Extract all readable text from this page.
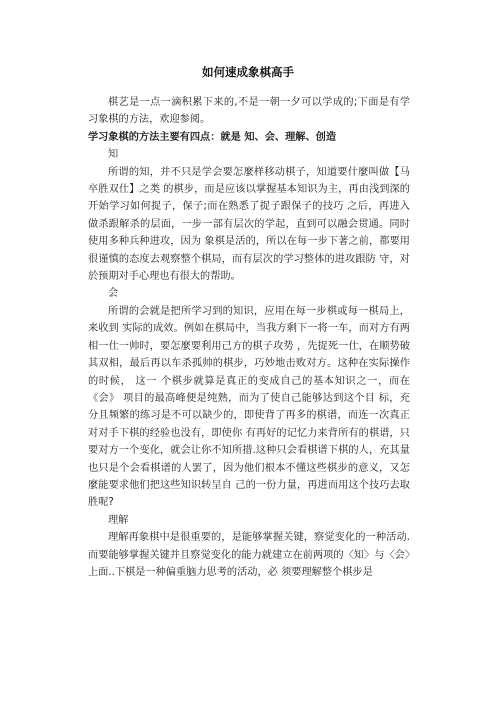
如何速成象棋高手

棋艺是一点一滴积累下来的,不是一朝一夕可以学成的;下面是有学习象棋的方法，欢迎参阅。

学习象棋的方法主要有四点：就是 知、会、理解、创造

知

所谓的知，并不只是学会要怎麼样移动棋子，知道要什麼叫做【马卒胜双仕】之类 的棋步，而是应该以掌握基本知识为主，再由浅到深的开始学习如何捉子，保子;而在熟悉了捉子跟保子的技巧 之后，再进入做杀跟解杀的层面，一步一部有层次的学起，直到可以融会贯通。同时使用多种兵种进攻，因为 象棋是活的，所以在每一步下著之前，都要用很谨慎的态度去观察整个棋局，而有层次的学习整体的进攻跟防 守，对於预期对手心理也有很大的帮助。

会

所谓的会就是把所学习到的知识，应用在每一步棋或每一棋局上，来收到 实际的成效。例如在棋局中，当我方剩下一将一车，而对方有两相一仕一帅时，要怎麼要利用己方的棋子攻势 ，先捉死一仕，在顺势破其双相，最后再以车杀孤帅的棋步，巧妙地击败对方。这种在实际操作的时候， 这一 个棋步就算是真正的变成自己的基本知识之一，而在《会》 项目的最高峰便是纯熟，而为了使自己能够达到这个目 标，充分且频繁的练习是不可以缺少的，即使背了再多的棋谱，而连一次真正对对手下棋的经验也没有，即使你 有再好的记忆力来背所有的棋谱，只要对方一个变化，就会让你不知所措.这种只会看棋谱下棋的人，充其量也只是个会看棋谱的人罢了，因为他们根本不懂这些棋步的意义，又怎麼能要求他们把这些知识转呈自 己的一份力量，再进而用这个技巧去取胜呢?

理解

理解再象棋中是很重要的，是能够掌握关键，察觉变化的一种活动. 而要能够掌握关键并且察觉变化的能力就建立在前两项的〈知〉与〈会〉上面..下棋是一种偏重脑力思考的活动，必 须要理解整个棋步是
